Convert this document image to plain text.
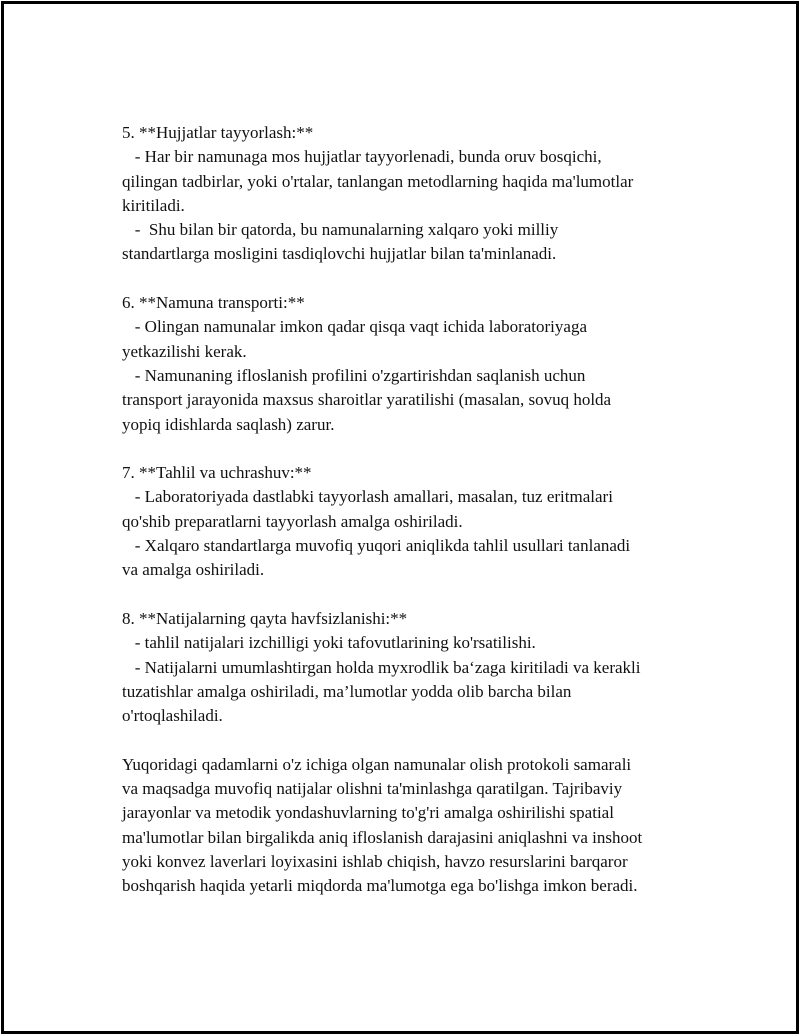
5. **Hujjatlar tayyorlash:**
- Har bir namunaga mos hujjatlar tayyorlenadi, bunda oruv bosqichi,
qilingan tadbirlar, yoki o'rtalar, tanlangan metodlarning haqida ma'lumotlar
kiritiladi.
-  Shu bilan bir qatorda, bu namunalarning xalqaro yoki milliy
standartlarga mosligini tasdiqlovchi hujjatlar bilan ta'minlanadi.
6. **Namuna transporti:**
- Olingan namunalar imkon qadar qisqa vaqt ichida laboratoriyaga
yetkazilishi kerak.
- Namunaning ifloslanish profilini o'zgartirishdan saqlanish uchun
transport jarayonida maxsus sharoitlar yaratilishi (masalan, sovuq holda
yopiq idishlarda saqlash) zarur.
7. **Tahlil va uchrashuv:**
- Laboratoriyada dastlabki tayyorlash amallari, masalan, tuz eritmalari
qo'shib preparatlarni tayyorlash amalga oshiriladi.
- Xalqaro standartlarga muvofiq yuqori aniqlikda tahlil usullari tanlanadi
va amalga oshiriladi.
8. **Natijalarning qayta havfsizlanishi:**
- tahlil natijalari izchilligi yoki tafovutlarining ko'rsatilishi.
- Natijalarni umumlashtirgan holda myxrodlik ba‘zaga kiritiladi va kerakli
tuzatishlar amalga oshiriladi, ma’lumotlar yodda olib barcha bilan
o'rtoqlashiladi.
Yuqoridagi qadamlarni o'z ichiga olgan namunalar olish protokoli samarali
va maqsadga muvofiq natijalar olishni ta'minlashga qaratilgan. Tajribaviy
jarayonlar va metodik yondashuvlarning to'g'ri amalga oshirilishi spatial
ma'lumotlar bilan birgalikda aniq ifloslanish darajasini aniqlashni va inshoot
yoki konvez laverlari loyixasini ishlab chiqish, havzo resurslarini barqaror
boshqarish haqida yetarli miqdorda ma'lumotga ega bo'lishga imkon beradi.
